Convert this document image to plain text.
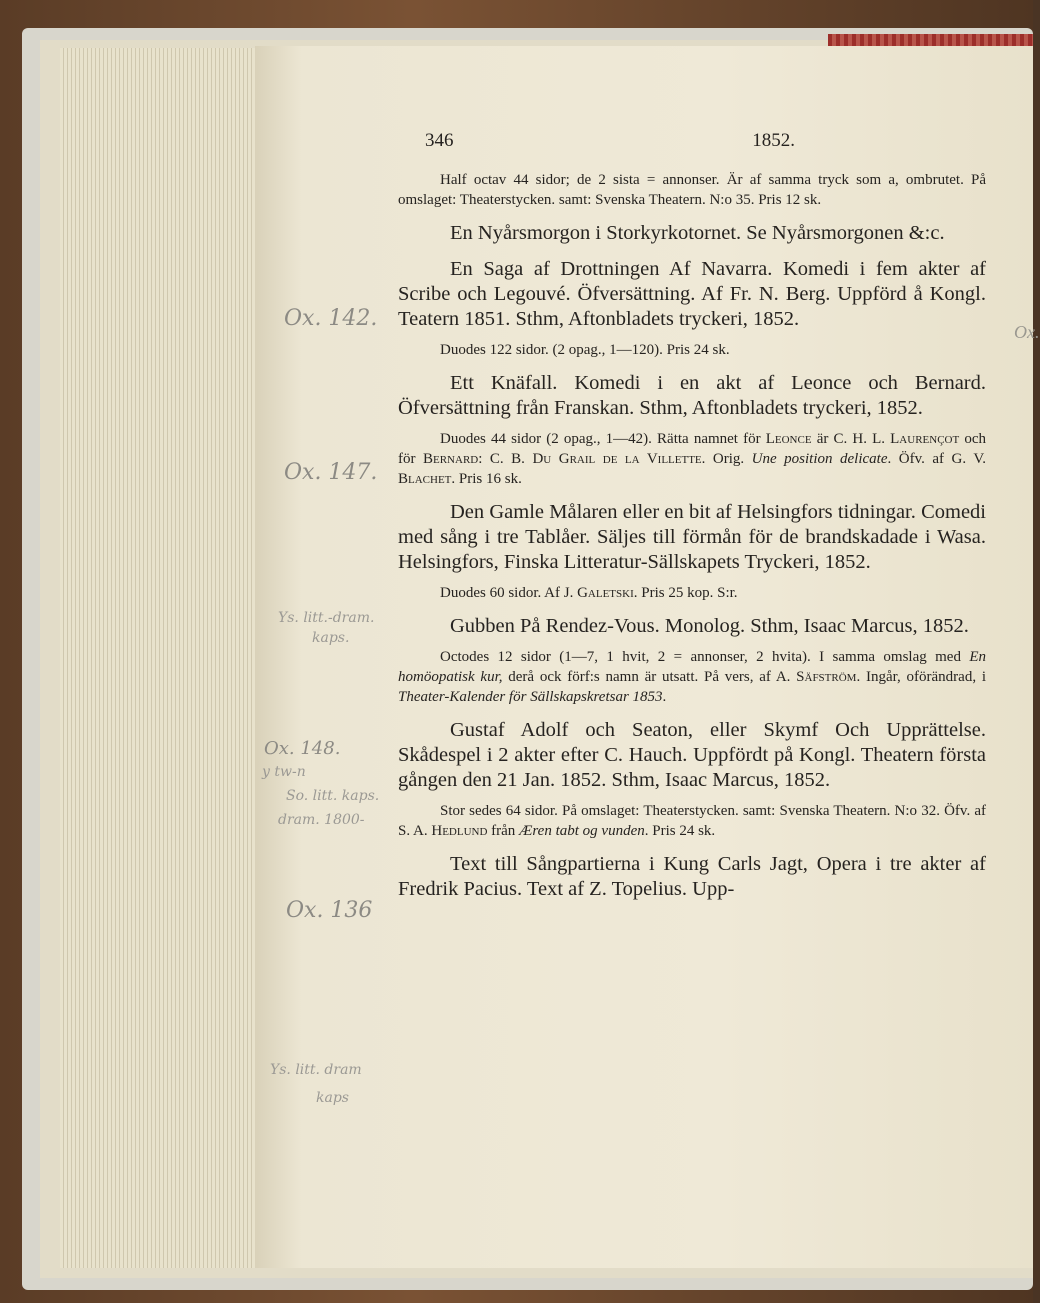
346	1852.

Half octav 44 sidor; de 2 sista = annonser. Är af samma tryck som a, ombrutet. På omslaget: Theaterstycken. samt: Svenska Theatern. N:o 35. Pris 12 sk.

En Nyårsmorgon i Storkyrkotornet. Se Nyårsmorgonen &:c.

En Saga af Drottningen Af Navarra. Komedi i fem akter af Scribe och Legouvé. Öfversättning. Af Fr. N. Berg. Uppförd å Kongl. Teatern 1851. Sthm, Aftonbladets tryckeri, 1852.

Duodes 122 sidor. (2 opag., 1—120). Pris 24 sk.

Ett Knäfall. Komedi i en akt af Leonce och Bernard. Öfversättning från Franskan. Sthm, Aftonbladets tryckeri, 1852.

Duodes 44 sidor (2 opag., 1—42). Rätta namnet för Leonce är C. H. L. Laurençot och för Bernard: C. B. Du Grail de la Villette. Orig. Une position delicate. Öfv. af G. V. Blachet. Pris 16 sk.

Den Gamle Målaren eller en bit af Helsingfors tidningar. Comedi med sång i tre Tablåer. Säljes till förmån för de brandskadade i Wasa. Helsingfors, Finska Litteratur-Sällskapets Tryckeri, 1852.

Duodes 60 sidor. Af J. Galetski. Pris 25 kop. S:r.

Gubben På Rendez-Vous. Monolog. Sthm, Isaac Marcus, 1852.

Octodes 12 sidor (1—7, 1 hvit, 2 = annonser, 2 hvita). I samma omslag med En homöopatisk kur, derå ock förf:s namn är utsatt. På vers, af A. Säfström. Ingår, oförändrad, i Theater-Kalender för Sällskapskretsar 1853.

Gustaf Adolf och Seaton, eller Skymf Och Upprättelse. Skådespel i 2 akter efter C. Hauch. Uppfördt på Kongl. Theatern första gången den 21 Jan. 1852. Sthm, Isaac Marcus, 1852.

Stor sedes 64 sidor. På omslaget: Theaterstycken. samt: Svenska Theatern. N:o 32. Öfv. af S. A. Hedlund från Æren tabt og vunden. Pris 24 sk.

Text till Sångpartierna i Kung Carls Jagt, Opera i tre akter af Fredrik Pacius. Text af Z. Topelius. Upp-

Ox. 142.
Ox. 147.
Ys. litt.-dram.
kaps.
Ox. 148.
y tw-n
So. litt. kaps.
dram. 1800-
Ox. 136
Ys. litt. dram
kaps
Ox.
